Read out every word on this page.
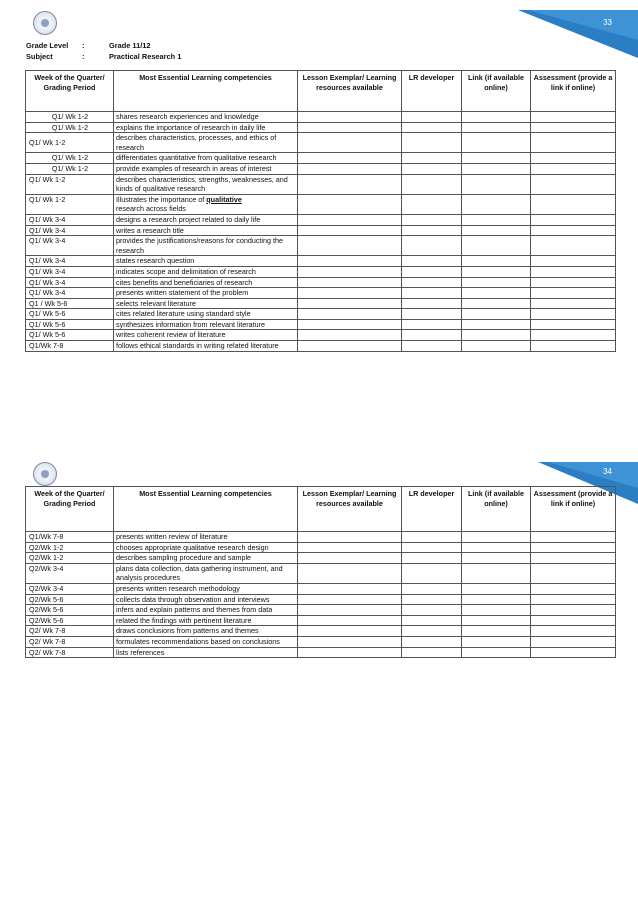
33
Grade Level	:	Grade 11/12
Subject	:	Practical Research 1
Week of the Quarter/ Grading Period	Most Essential Learning competencies	Lesson Exemplar/ Learning resources available	LR developer	Link (if available online)	Assessment (provide a link if online)
Q1/ Wk 1-2	shares research experiences and knowledge				
Q1/ Wk 1-2	explains the importance of research in daily life				
Q1/ Wk 1-2	describes characteristics, processes, and ethics of research				
Q1/ Wk 1-2	differentiates quantitative from qualitative research				
Q1/ Wk 1-2	provide examples of research in areas of interest				
Q1/ Wk 1-2	describes characteristics, strengths, weaknesses, and kinds of qualitative research				
Q1/ Wk 1-2	Illustrates the importance of qualitative
research across fields				
Q1/ Wk 3-4	designs a research project related to daily life				
Q1/ Wk 3-4	writes a research title				
Q1/ Wk 3-4	provides the justifications/reasons for conducting the research				
Q1/ Wk 3-4	states research question				
Q1/ Wk 3-4	indicates scope and delimitation of research				
Q1/ Wk 3-4	cites benefits and beneficiaries of research				
Q1/ Wk 3-4	presents written statement of the problem				
Q1 / Wk 5-6	selects relevant literature				
Q1/ Wk 5-6	cites related literature using standard style				
Q1/ Wk 5-6	synthesizes information from relevant literature				
Q1/ Wk 5-6	writes coherent review of literature				
Q1/Wk 7-8	follows ethical standards in writing related literature				
34
Week of the Quarter/ Grading Period	Most Essential Learning competencies	Lesson Exemplar/ Learning resources available	LR developer	Link (if available online)	Assessment (provide a link if online)
Q1/Wk 7-8	presents written review of literature				
Q2/Wk 1-2	chooses appropriate qualitative research design				
Q2/Wk 1-2	describes sampling procedure and sample				
Q2/Wk 3-4	plans data collection, data gathering instrument, and analysis procedures				
Q2/Wk 3-4	presents written research methodology				
Q2/Wk 5-6	collects data through observation and interviews				
Q2/Wk 5-6	infers and explain patterns and themes from data				
Q2/Wk 5-6	related the findings with pertinent literature				
Q2/ Wk 7-8	draws conclusions from patterns and themes				
Q2/ Wk 7-8	formulates recommendations based on conclusions				
Q2/ Wk 7-8	lists references				
